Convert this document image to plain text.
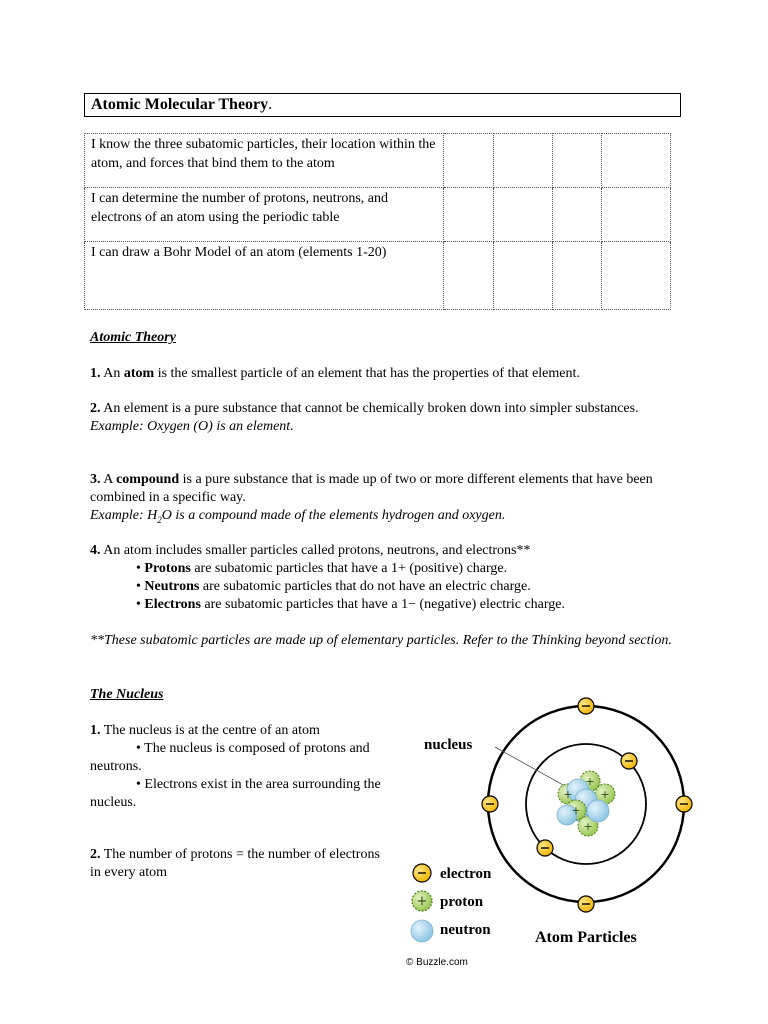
Atomic Molecular Theory.
I know the three subatomic particles, their location within the atom, and forces that bind them to the atom				
I can determine the number of protons, neutrons, and electrons of an atom using the periodic table				
I can draw a Bohr Model of an atom (elements 1-20)				
Atomic Theory
1. An atom is the smallest particle of an element that has the properties of that element.
2. An element is a pure substance that cannot be chemically broken down into simpler substances.
Example: Oxygen (O) is an element.
3. A compound is a pure substance that is made up of two or more different elements that have been combined in a specific way.
Example: $H_2O$ is a compound made of the elements hydrogen and oxygen.
4. An atom includes smaller particles called protons, neutrons, and electrons**

• Protons are subatomic particles that have a 1+ (positive) charge.
• Neutrons are subatomic particles that do not have an electric charge.
• Electrons are subatomic particles that have a 1− (negative) electric charge.
**These subatomic particles are made up of elementary particles. Refer to the Thinking beyond section.
The Nucleus
1. The nucleus is at the centre of an atom
• The nucleus is composed of protons and neutrons.
• Electrons exist in the area surrounding the nucleus.
2. The number of protons = the number of electrons in every atom
+
+
+
+
+
nucleus
electron
+ proton
neutron	Atom Particles
© Buzzle.com
